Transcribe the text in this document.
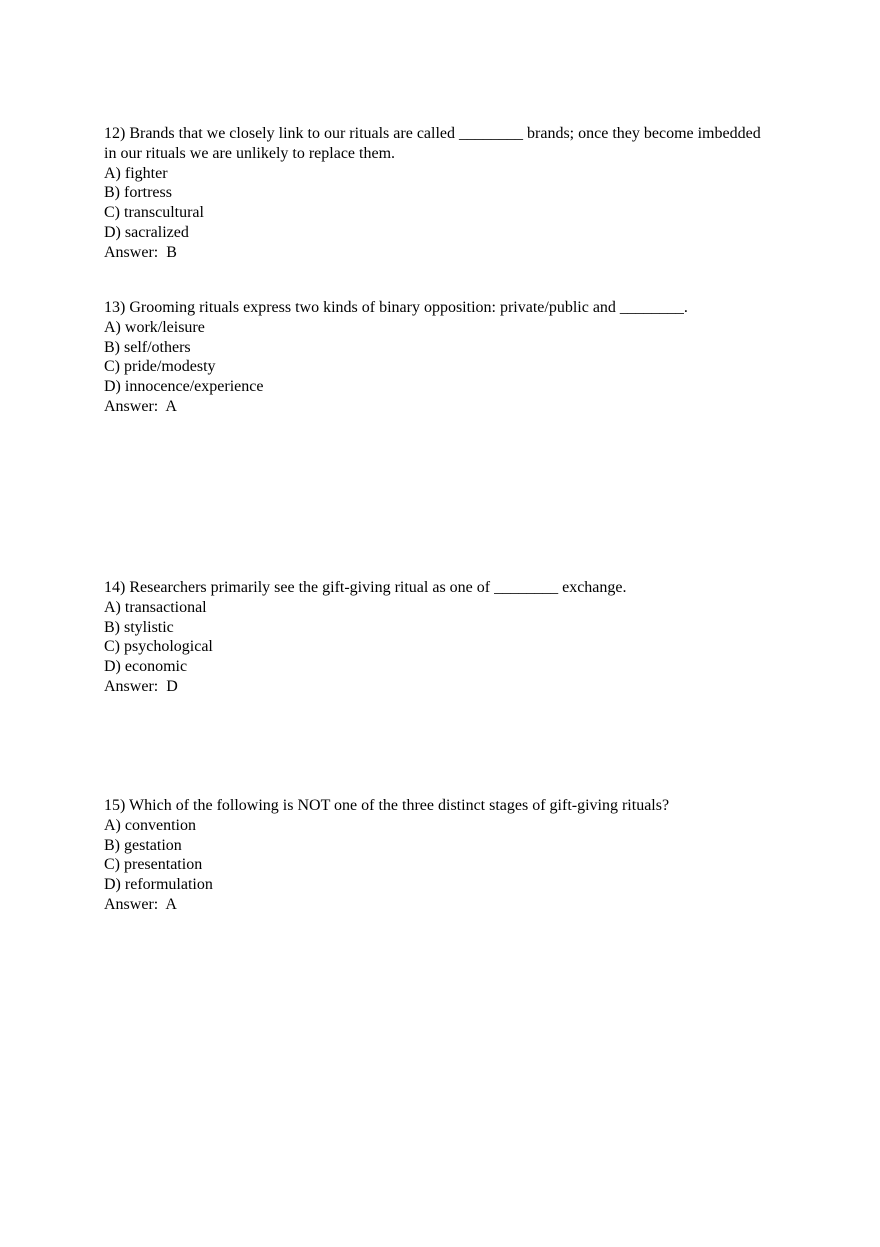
12) Brands that we closely link to our rituals are called ________ brands; once they become imbedded in our rituals we are unlikely to replace them.
A) fighter
B) fortress
C) transcultural
D) sacralized
Answer:  B
13) Grooming rituals express two kinds of binary opposition: private/public and ________.
A) work/leisure
B) self/others
C) pride/modesty
D) innocence/experience
Answer:  A
14) Researchers primarily see the gift-giving ritual as one of ________ exchange.
A) transactional
B) stylistic
C) psychological
D) economic
Answer:  D
15) Which of the following is NOT one of the three distinct stages of gift-giving rituals?
A) convention
B) gestation
C) presentation
D) reformulation
Answer:  A
